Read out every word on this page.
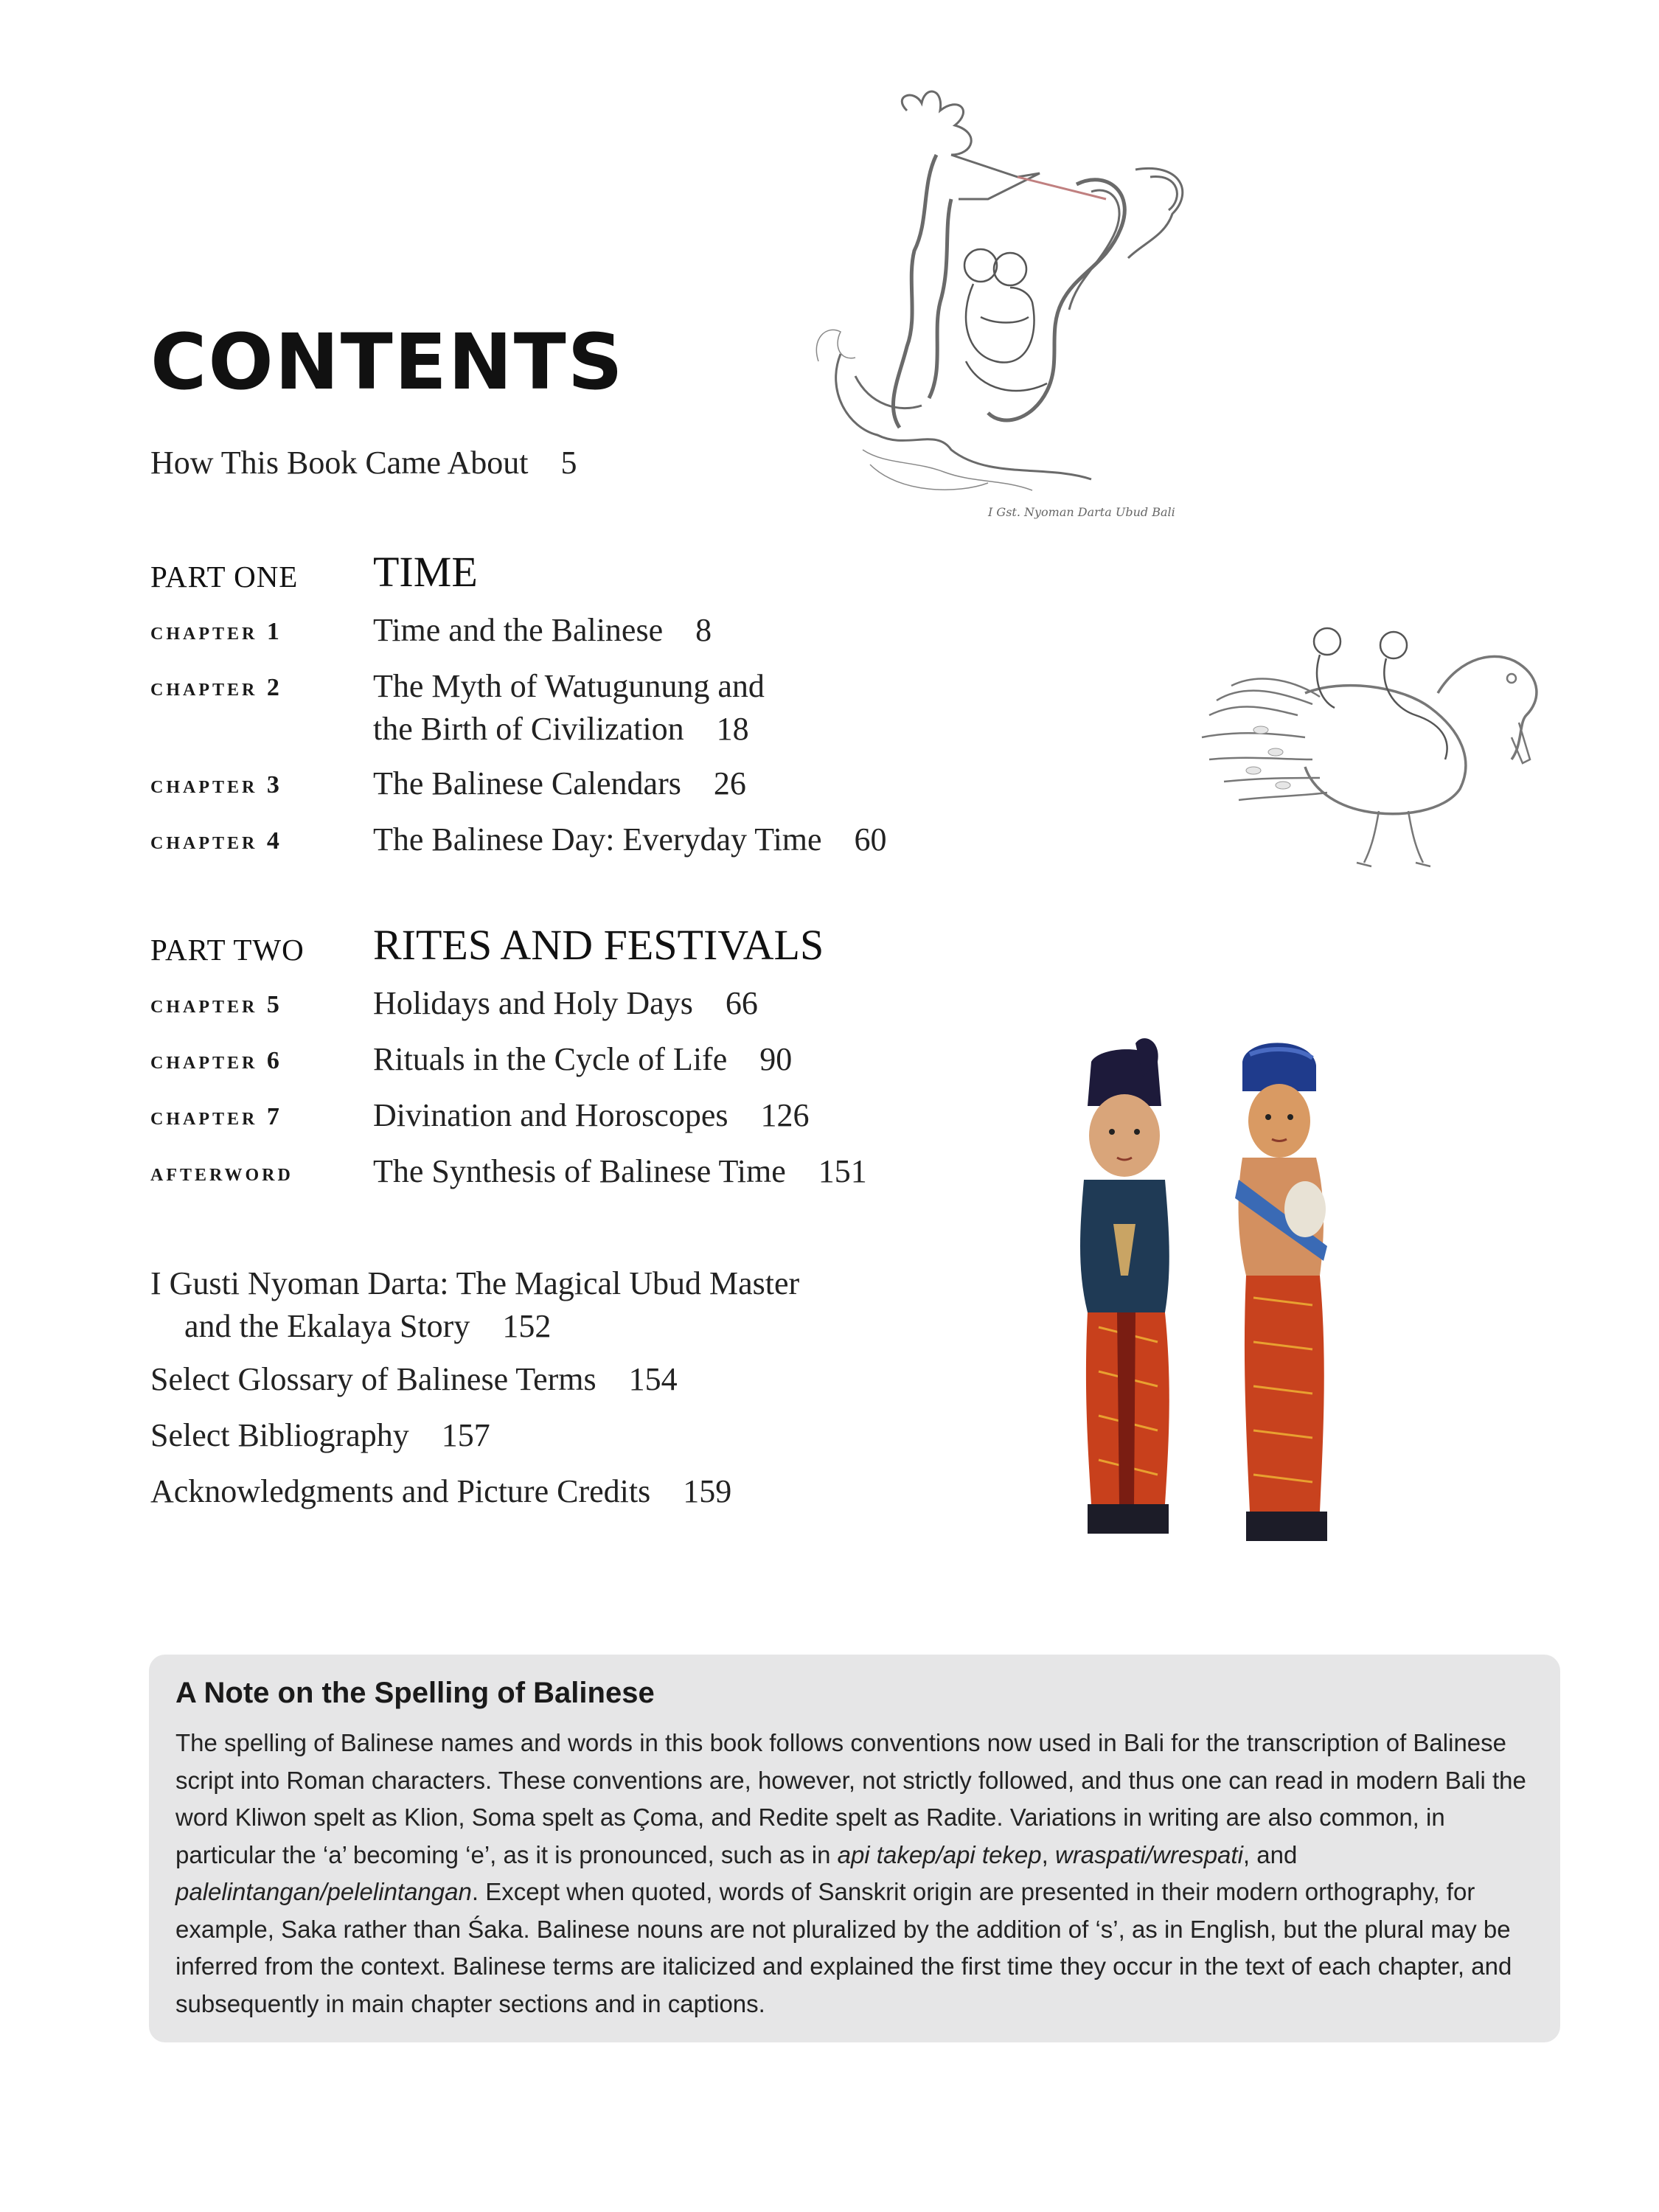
CONTENTS
How This Book Came About 5
PART ONE TIME
chapter 1	Time and the Balinese 8
chapter 2	The Myth of Watugunung and
the Birth of Civilization 18
chapter 3	The Balinese Calendars 26
chapter 4	The Balinese Day: Everyday Time 60
PART TWO RITES AND FESTIVALS
chapter 5	Holidays and Holy Days 66
chapter 6	Rituals in the Cycle of Life 90
chapter 7	Divination and Horoscopes 126
afterword The Synthesis of Balinese Time 151
I Gusti Nyoman Darta: The Magical Ubud Master
and the Ekalaya Story 152
Select Glossary of Balinese Terms 154
Select Bibliography 157
Acknowledgments and Picture Credits 159
I Gst. Nyoman Darta Ubud Bali
A Note on the Spelling of Balinese

The spelling of Balinese names and words in this book follows conventions now used in Bali for the transcription of Balinese script into Roman characters. These conventions are, however, not strictly followed, and thus one can read in modern Bali the word Kliwon spelt as Klion, Soma spelt as Çoma, and Redite spelt as Radite. Variations in writing are also common, in particular the ‘a’ becoming ‘e’, as it is pronounced, such as in api takep/api tekep, wraspati/wrespati, and palelintangan/pelelintangan. Except when quoted, words of Sanskrit origin are presented in their modern orthography, for example, Saka rather than Śaka. Balinese nouns are not pluralized by the addition of ‘s’, as in English, but the plural may be inferred from the context. Balinese terms are italicized and explained the first time they occur in the text of each chapter, and subsequently in main chapter sections and in captions.
